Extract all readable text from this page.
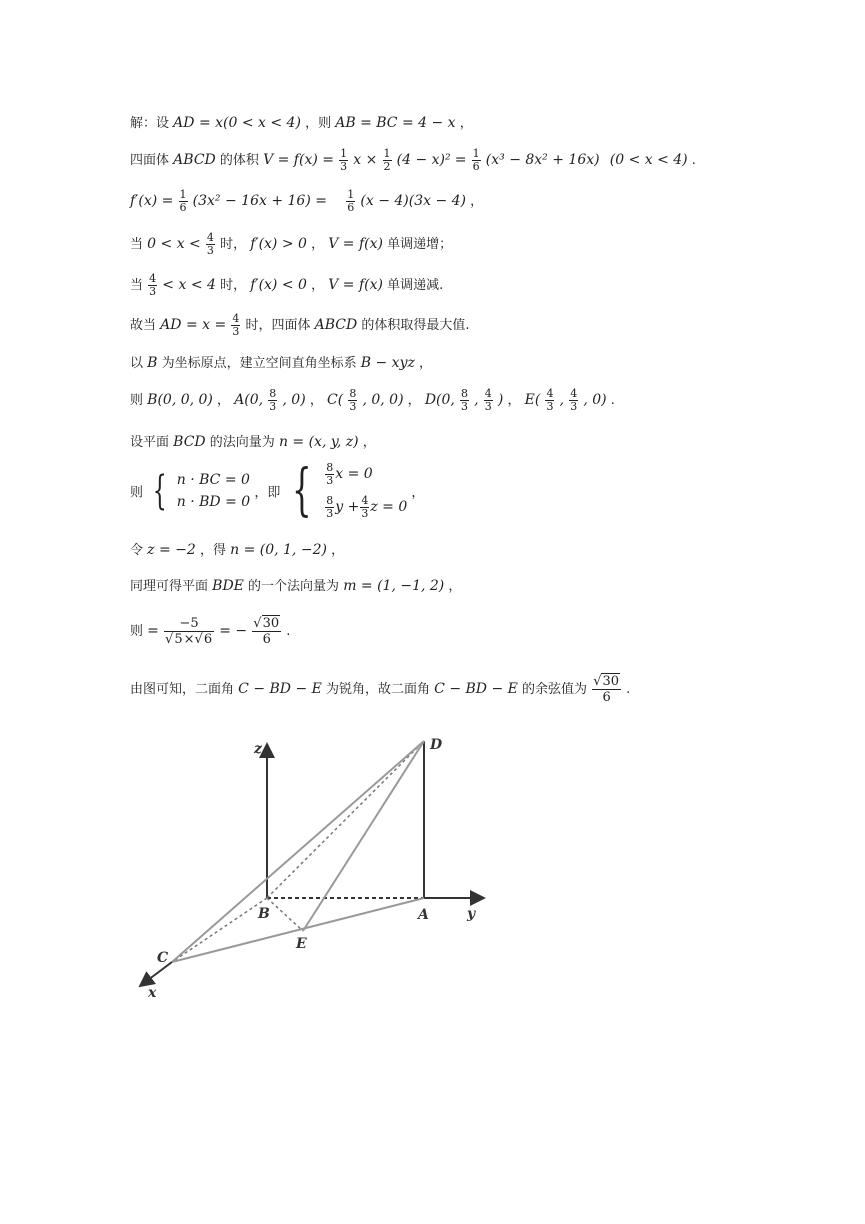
解：设 AD = x(0 < x < 4) ，则 AB = BC = 4 − x ，
四面体 ABCD 的体积 $V = f(x) = \frac{1}{3}$ $x \times \frac{1}{2} (4 - x)^2 = \frac{1}{6} (x^3 - 8x^2 + 16x) (0 < x < 4)$ .
$f'(x) = \frac{1}{6} (3x^2 - 16x + 16) = \frac{1}{6} (x - 4)(3x - 4)$ ，
当 $0 < x < \frac{4}{3}$ 时， f′(x) > 0 ， V = f(x) 单调递增；
当 $\frac{4}{3} < x < 4$ 时， f′(x) < 0 ， V = f(x) 单调递减.
故当 AD = $x = \frac{4}{3}$ 时，四面体 ABCD 的体积取得最大值.
以 B 为坐标原点，建立空间直角坐标系 B − xyz ，
则 B(0, 0, 0) ， A(0, $\frac{8}{3}$ , 0) ， $C( \frac{8}{3}$ , 0, 0) ， D(0, $\frac{8}{3}$ , $\frac{4}{3}$ ) ， $E( \frac{4}{3}$ , $\frac{4}{3}$ , 0) .
设平面 BCD 的法向量为 n = (x, y, z) ，
则 { n · BC = 0
n · BD = 0
，即 { $\frac{8}{3}$ x = 0
$\frac{8}{3}$ $y + \frac{4}{3}$ z = 0
，
令 z = −2 ，得 n = (0, 1, −2) ，
同理可得平面 BDE 的一个法向量为 m = (1, −1, 2) ，
则 = $\frac{-5}{√5\times√6}$ = − $\frac{√30}{6}$ .
由图可知，二面角 C − BD − E 为锐角，故二面角 C − BD − E 的余弦值为 $\frac{√30}{6}$ .
z	D
B	A	y
E
C
x
